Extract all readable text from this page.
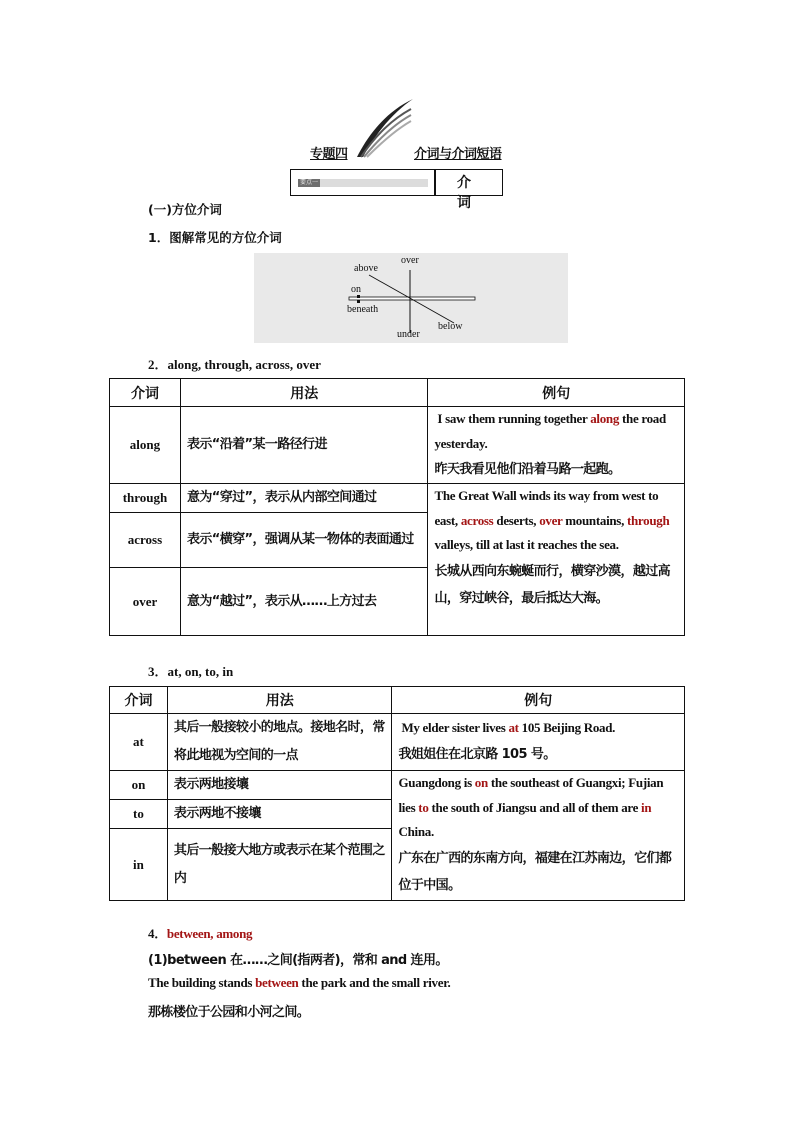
专题四	介词与介词短语
要点一	介　词
(一)方位介词
1．图解常见的方位介词
over
above
on
beneath
below
under
2．along, through, across, over
介词	用法	例句
along	表示“沿着”某一路径行进	I saw them running together along the road yesterday.
昨天我看见他们沿着马路一起跑。

through	意为“穿过”，表示从内部空间通过	The Great Wall winds its way from west to east, across deserts, over mountains, through valleys, till at last it reaches the sea.
长城从西向东蜿蜒而行，横穿沙漠，越过高山，穿过峡谷，最后抵达大海。

across	表示“横穿”，强调从某一物体的表面通过	
over	意为“越过”，表示从……上方过去	
3．at, on, to, in
介词	用法	例句
at	其后一般接较小的地点。接地名时，常将此地视为空间的一点	My elder sister lives at 105 Beijing Road.
我姐姐住在北京路 105 号。

on	表示两地接壤	Guangdong is on the southeast of Guangxi; Fujian lies to the south of Jiangsu and all of them are in China.
广东在广西的东南方向，福建在江苏南边，它们都位于中国。

to	表示两地不接壤	
in	其后一般接大地方或表示在某个范围之内	
4．between, among
(1)between 在……之间(指两者)，常和 and 连用。
The building stands between the park and the small river.
那栋楼位于公园和小河之间。
